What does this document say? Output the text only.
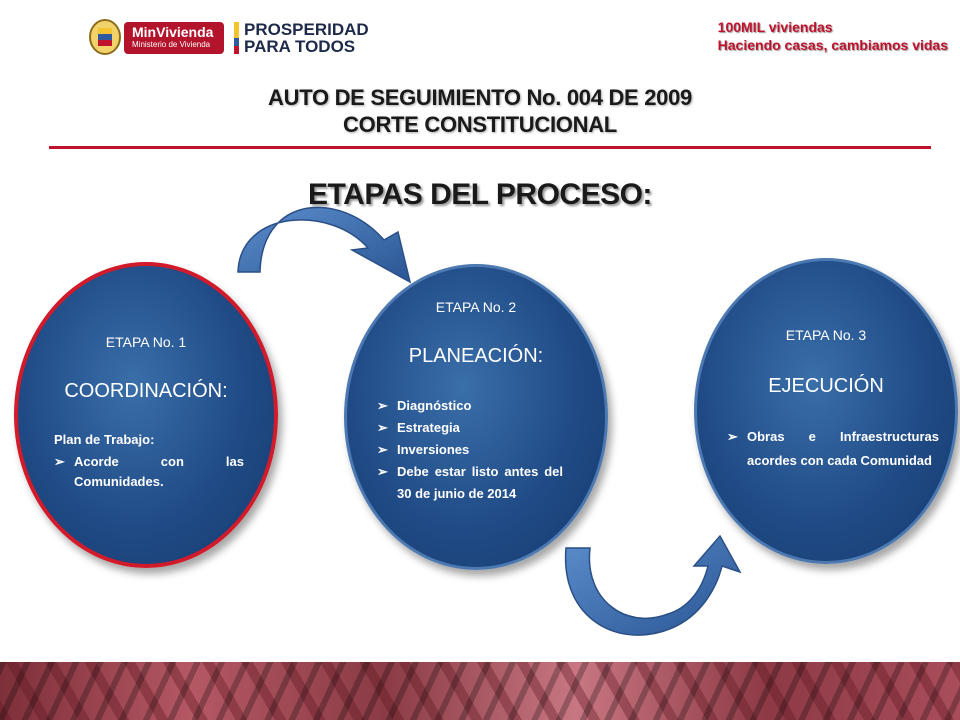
MinVivienda
Ministerio de Vivienda
PROSPERIDAD
PARA TODOS
100MIL viviendas
Haciendo casas, cambiamos vidas
AUTO DE SEGUIMIENTO No. 004 DE 2009
CORTE CONSTITUCIONAL
ETAPAS DEL PROCESO:
ETAPA No. 1
COORDINACIÓN:
Plan de Trabajo:
➢ Acorde con las Comunidades.
ETAPA No. 2
PLANEACIÓN:
➢ Diagnóstico
➢ Estrategia
➢ Inversiones
➢ Debe estar listo antes del 30 de junio de 2014
ETAPA No. 3
EJECUCIÓN
➢ Obras e Infraestructuras acordes con cada Comunidad
